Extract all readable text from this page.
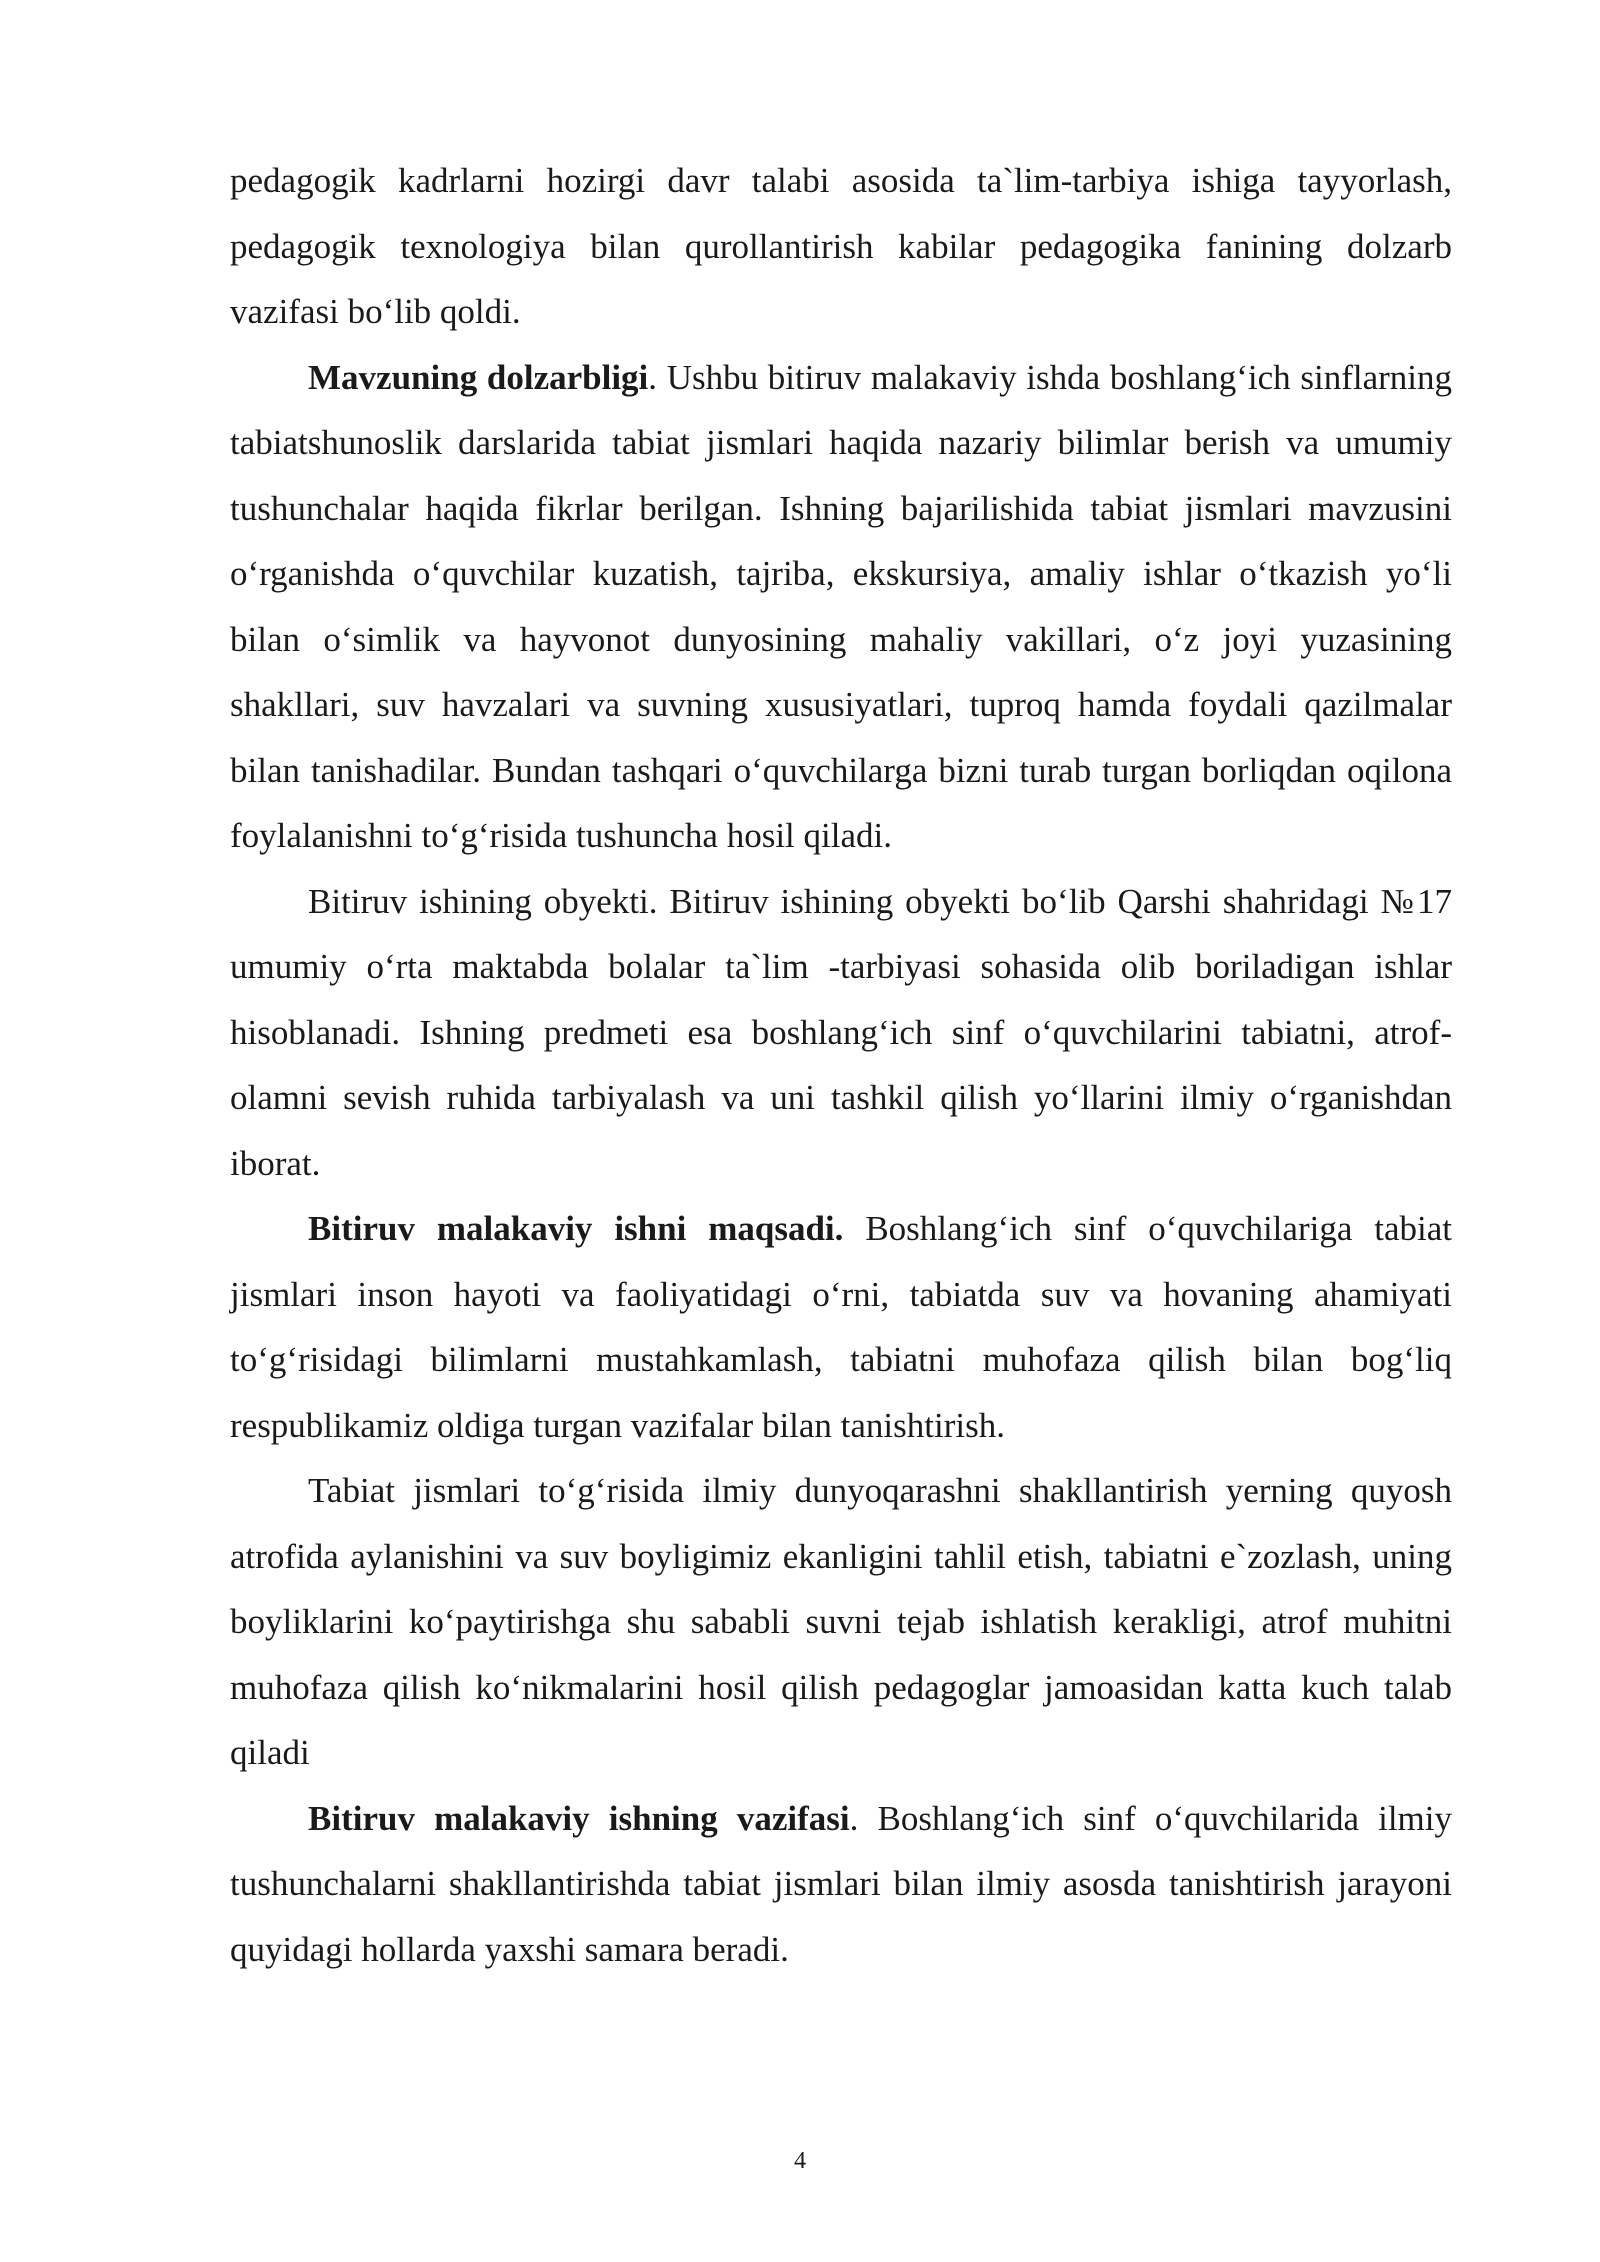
pedagogik kadrlarni hozirgi davr talabi asosida ta`lim-tarbiya ishiga tayyorlash, pedagogik texnologiya bilan qurollantirish kabilar pedagogika fanining dolzarb vazifasi bo‘lib qoldi.

Mavzuning dolzarbligi. Ushbu bitiruv malakaviy ishda boshlang‘ich sinflarning tabiatshunoslik darslarida tabiat jismlari haqida nazariy bilimlar berish va umumiy tushunchalar haqida fikrlar berilgan. Ishning bajarilishida tabiat jismlari mavzusini o‘rganishda o‘quvchilar kuzatish, tajriba, ekskursiya, amaliy ishlar o‘tkazish yo‘li bilan o‘simlik va hayvonot dunyosining mahaliy vakillari, o‘z joyi yuzasining shakllari, suv havzalari va suvning xususiyatlari, tuproq hamda foydali qazilmalar bilan tanishadilar. Bundan tashqari o‘quvchilarga bizni turab turgan borliqdan oqilona foylalanishni to‘g‘risida tushuncha hosil qiladi.

Bitiruv ishining obyekti. Bitiruv ishining obyekti bo‘lib Qarshi shahridagi №17 umumiy o‘rta maktabda bolalar ta`lim -tarbiyasi sohasida olib boriladigan ishlar hisoblanadi. Ishning predmeti esa boshlang‘ich sinf o‘quvchilarini tabiatni, atrof-olamni sevish ruhida tarbiyalash va uni tashkil qilish yo‘llarini ilmiy o‘rganishdan iborat.

Bitiruv malakaviy ishni maqsadi. Boshlang‘ich sinf o‘quvchilariga tabiat jismlari inson hayoti va faoliyatidagi o‘rni, tabiatda suv va hovaning ahamiyati to‘g‘risidagi bilimlarni mustahkamlash, tabiatni muhofaza qilish bilan bog‘liq respublikamiz oldiga turgan vazifalar bilan tanishtirish.

Tabiat jismlari to‘g‘risida ilmiy dunyoqarashni shakllantirish yerning quyosh atrofida aylanishini va suv boyligimiz ekanligini tahlil etish, tabiatni e`zozlash, uning boyliklarini ko‘paytirishga shu sababli suvni tejab ishlatish kerakligi, atrof muhitni muhofaza qilish ko‘nikmalarini hosil qilish pedagoglar jamoasidan katta kuch talab qiladi

Bitiruv malakaviy ishning vazifasi. Boshlang‘ich sinf o‘quvchilarida ilmiy tushunchalarni shakllantirishda tabiat jismlari bilan ilmiy asosda tanishtirish jarayoni quyidagi hollarda yaxshi samara beradi.

4
